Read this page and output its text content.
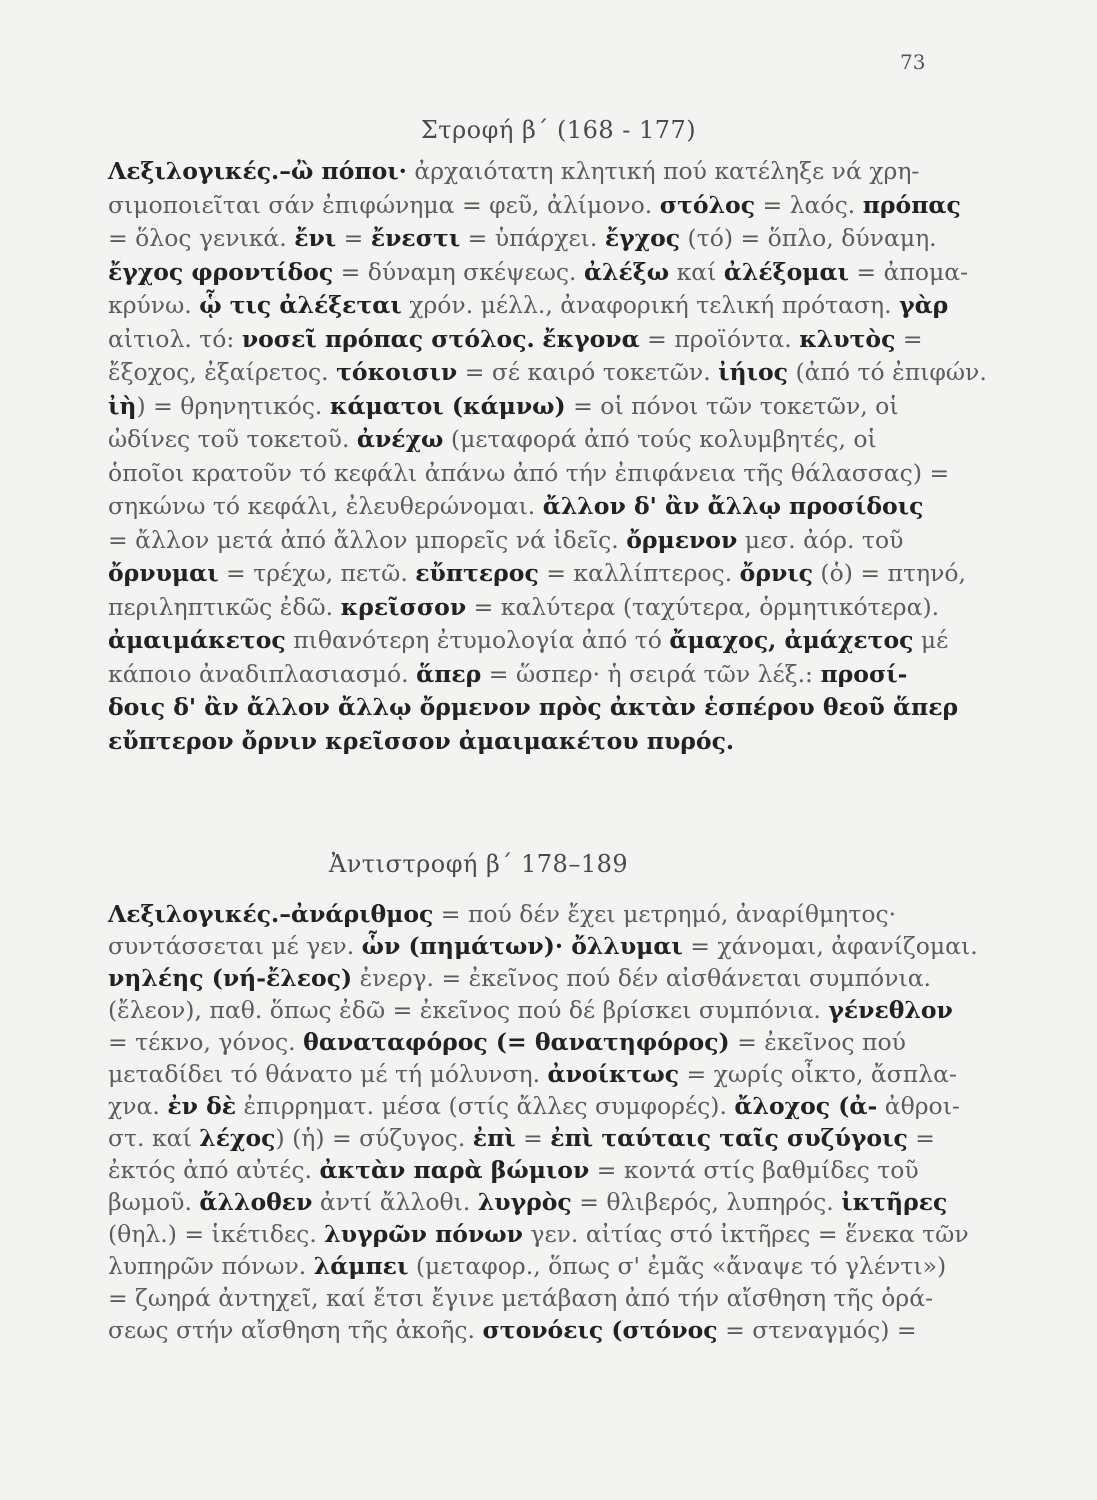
73
Στροφή β΄ (168 - 177)
Λεξιλογικές.–ὢ πόποι· ἀρχαιότατη κλητική πού κατέληξε νά χρη-
σιμοποιεῖται σάν ἐπιφώνημα = φεῦ, ἀλίμονο. στόλος = λαός. πρόπας
= ὅλος γενικά. ἔνι = ἔνεστι = ὑπάρχει. ἔγχος (τό) = ὅπλο, δύναμη.
ἔγχος φροντίδος = δύναμη σκέψεως. ἀλέξω καί ἀλέξομαι = ἀπομα-
κρύνω. ᾧ τις ἀλέξεται χρόν. μέλλ., ἀναφορική τελική πρόταση. γὰρ
αἰτιολ. τό: νοσεῖ πρόπας στόλος. ἔκγονα = προϊόντα. κλυτὸς =
ἔξοχος, ἐξαίρετος. τόκοισιν = σέ καιρό τοκετῶν. ἰήιος (ἀπό τό ἐπιφών.
ἰὴ) = θρηνητικός. κάματοι (κάμνω) = οἱ πόνοι τῶν τοκετῶν, οἱ
ὠδίνες τοῦ τοκετοῦ. ἀνέχω (μεταφορά ἀπό τούς κολυμβητές, οἱ
ὁποῖοι κρατοῦν τό κεφάλι ἀπάνω ἀπό τήν ἐπιφάνεια τῆς θάλασσας) =
σηκώνω τό κεφάλι, ἐλευθερώνομαι. ἄλλον δ' ἂν ἄλλῳ προσίδοις
= ἄλλον μετά ἀπό ἄλλον μπορεῖς νά ἰδεῖς. ὄρμενον μεσ. ἀόρ. τοῦ
ὄρνυμαι = τρέχω, πετῶ. εὔπτερος = καλλίπτερος. ὄρνις (ὁ) = πτηνό,
περιληπτικῶς ἐδῶ. κρεῖσσον = καλύτερα (ταχύτερα, ὁρμητικότερα).
ἀμαιμάκετος πιθανότερη ἐτυμολογία ἀπό τό ἄμαχος, ἀμάχετος μέ
κάποιο ἀναδιπλασιασμό. ἅπερ = ὥσπερ· ἡ σειρά τῶν λέξ.: προσί-
δοις δ' ἂν ἄλλον ἄλλῳ ὄρμενον πρὸς ἀκτὰν ἑσπέρου θεοῦ ἅπερ
εὔπτερον ὄρνιν κρεῖσσον ἀμαιμακέτου πυρός.
Ἀντιστροφή β΄ 178–189
Λεξιλογικές.–ἀνάριθμος = πού δέν ἔχει μετρημό, ἀναρίθμητος·
συντάσσεται μέ γεν. ὧν (πημάτων)· ὄλλυμαι = χάνομαι, ἀφανίζομαι.
νηλέης (νή-ἔλεος) ἐνεργ. = ἐκεῖνος πού δέν αἰσθάνεται συμπόνια.
(ἔλεον), παθ. ὅπως ἐδῶ = ἐκεῖνος πού δέ βρίσκει συμπόνια. γένεθλον
= τέκνο, γόνος. θαναταφόρος (= θανατηφόρος) = ἐκεῖνος πού
μεταδίδει τό θάνατο μέ τή μόλυνση. ἀνοίκτως = χωρίς οἶκτο, ἄσπλα-
χνα. ἐν δὲ ἐπιρρηματ. μέσα (στίς ἄλλες συμφορές). ἄλοχος (ἀ- ἀθροι-
στ. καί λέχος) (ἡ) = σύζυγος. ἐπὶ = ἐπὶ ταύταις ταῖς συζύγοις =
ἐκτός ἀπό αὐτές. ἀκτὰν παρὰ βώμιον = κοντά στίς βαθμίδες τοῦ
βωμοῦ. ἄλλοθεν ἀντί ἄλλοθι. λυγρὸς = θλιβερός, λυπηρός. ἰκτῆρες
(θηλ.) = ἱκέτιδες. λυγρῶν πόνων γεν. αἰτίας στό ἰκτῆρες = ἕνεκα τῶν
λυπηρῶν πόνων. λάμπει (μεταφορ., ὅπως σ' ἐμᾶς «ἄναψε τό γλέντι»)
= ζωηρά ἀντηχεῖ, καί ἔτσι ἔγινε μετάβαση ἀπό τήν αἴσθηση τῆς ὁρά-
σεως στήν αἴσθηση τῆς ἀκοῆς. στονόεις (στόνος = στεναγμός) =
